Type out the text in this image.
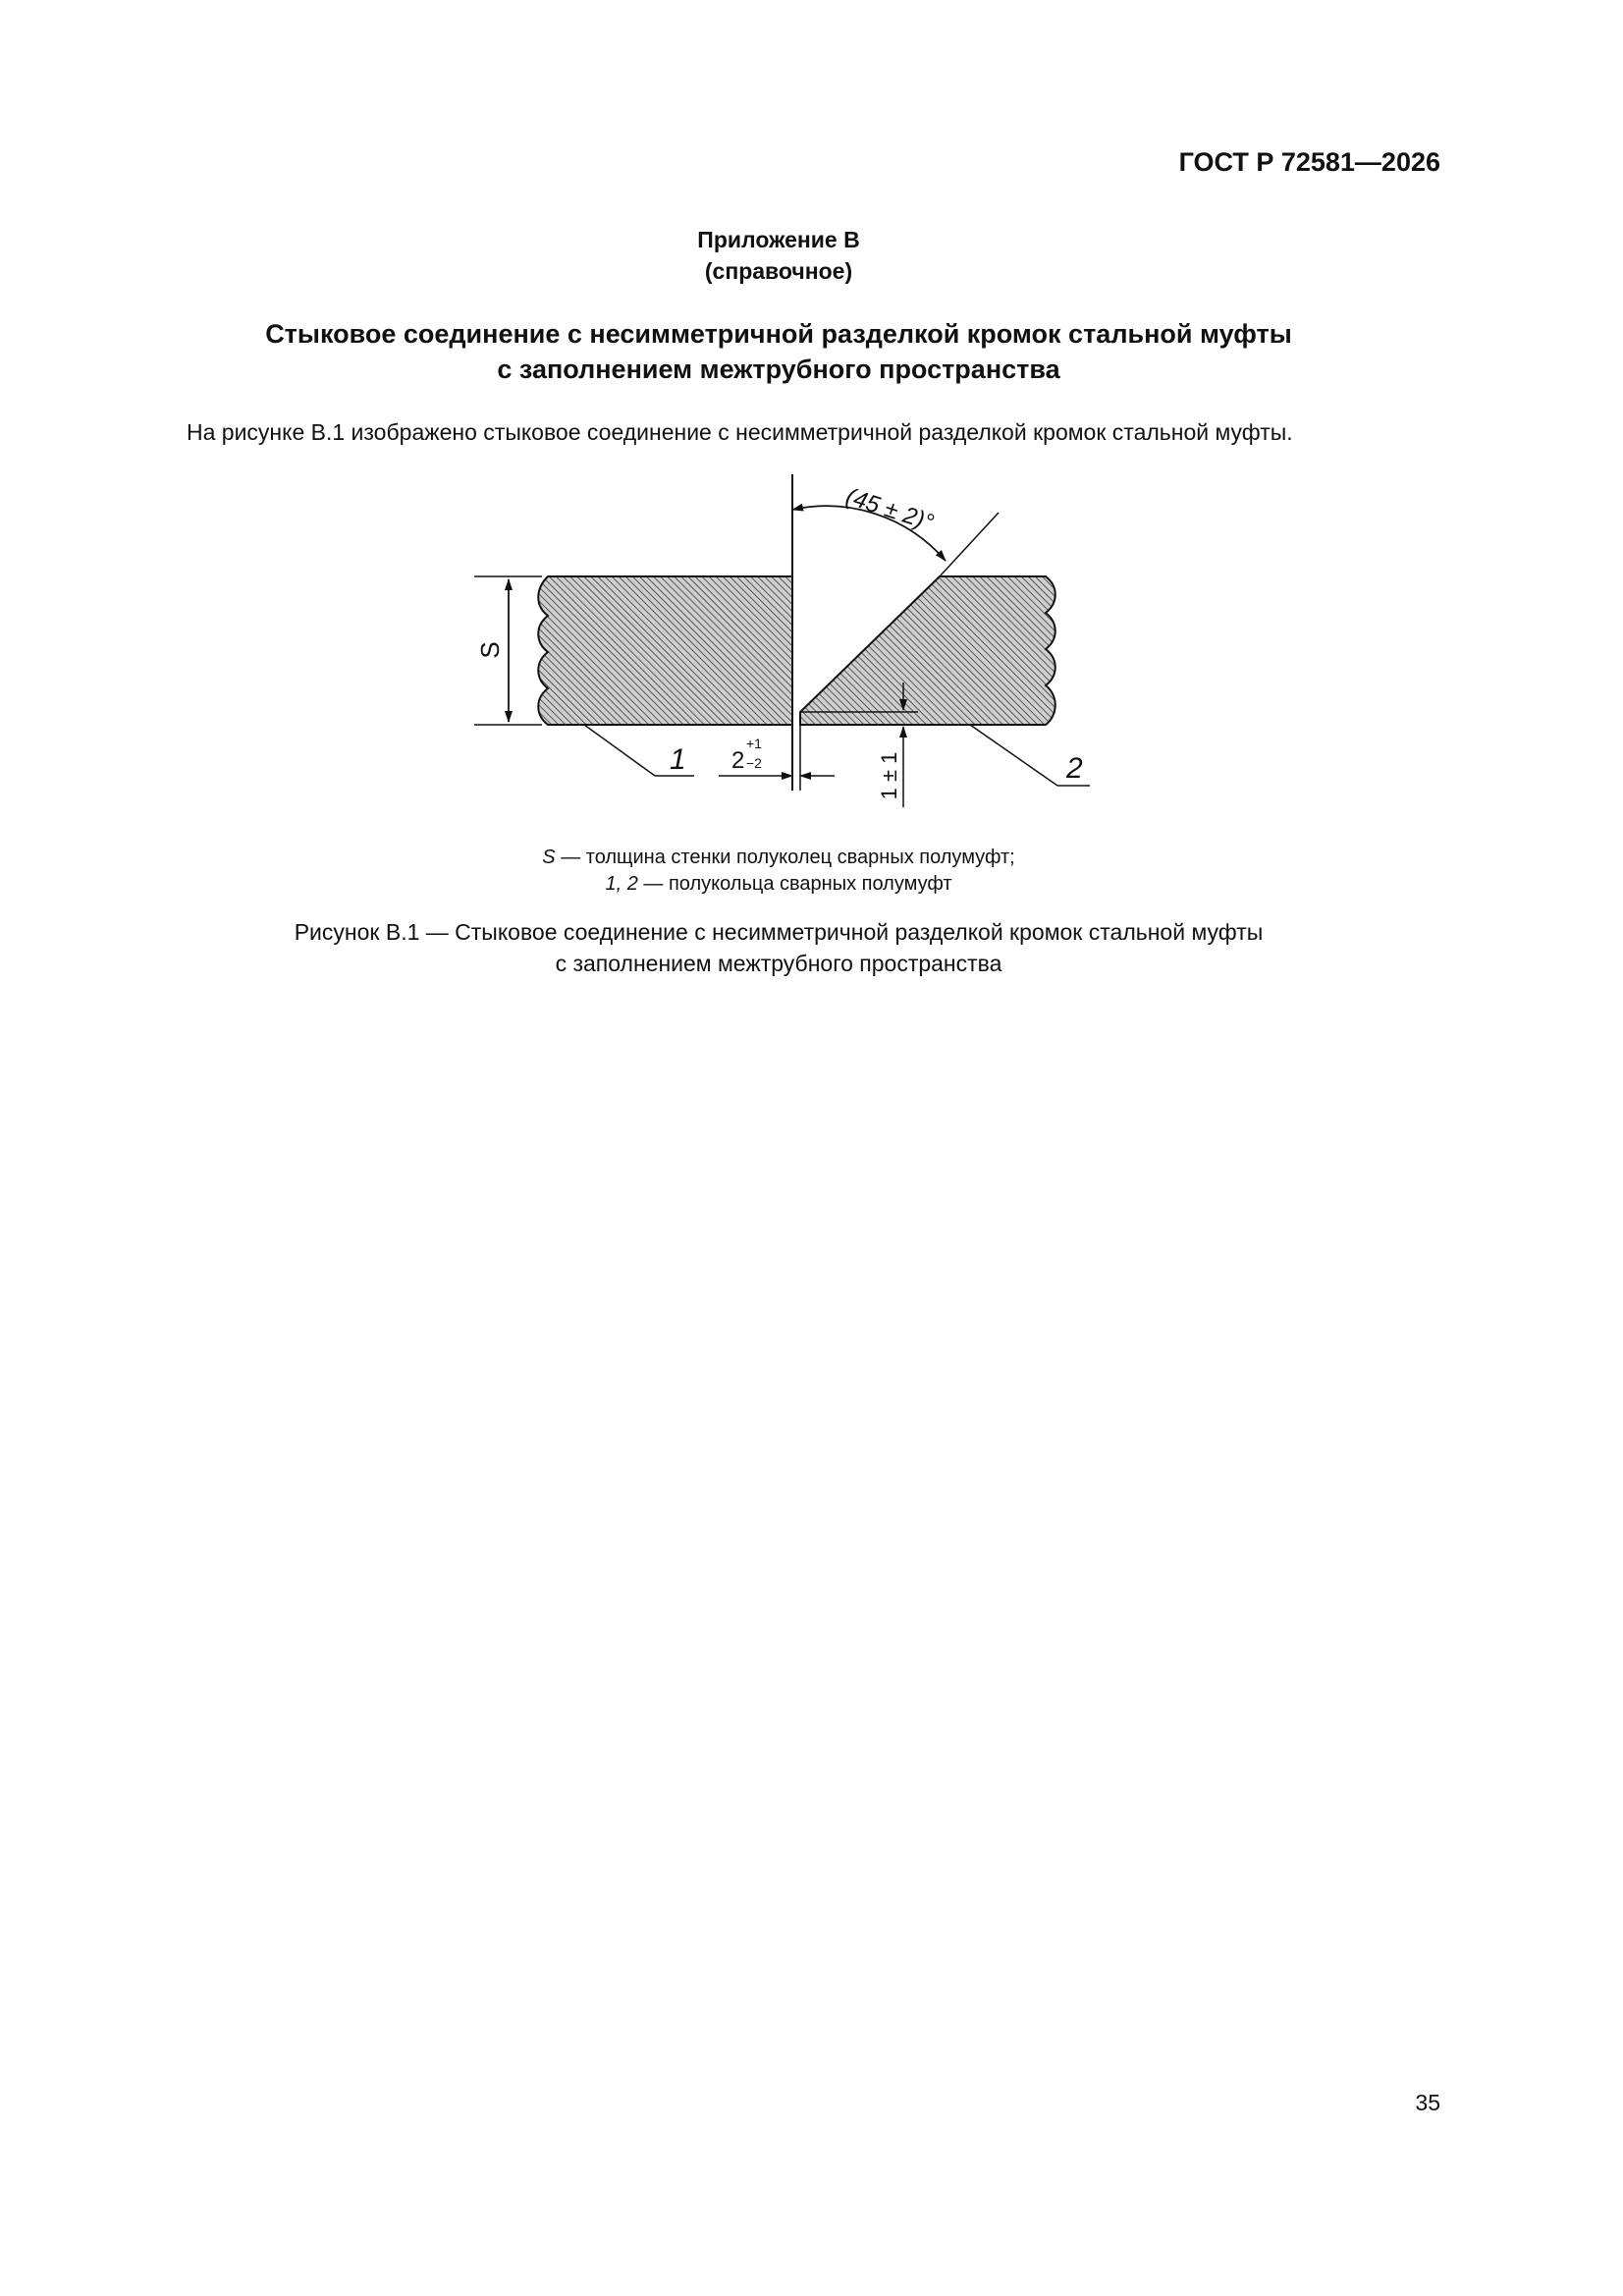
ГОСТ Р 72581—2026
Приложение В
(справочное)
Стыковое соединение с несимметричной разделкой кромок стальной муфты
с заполнением межтрубного пространства
На рисунке В.1 изображено стыковое соединение с несимметричной разделкой кромок стальной муфты.
(45 ± 2)°
S
1 2
+1
−2	1 ± 1	2
S — толщина стенки полуколец сварных полумуфт;
1, 2 — полукольца сварных полумуфт
Рисунок В.1 — Стыковое соединение с несимметричной разделкой кромок стальной муфты
с заполнением межтрубного пространства
35
